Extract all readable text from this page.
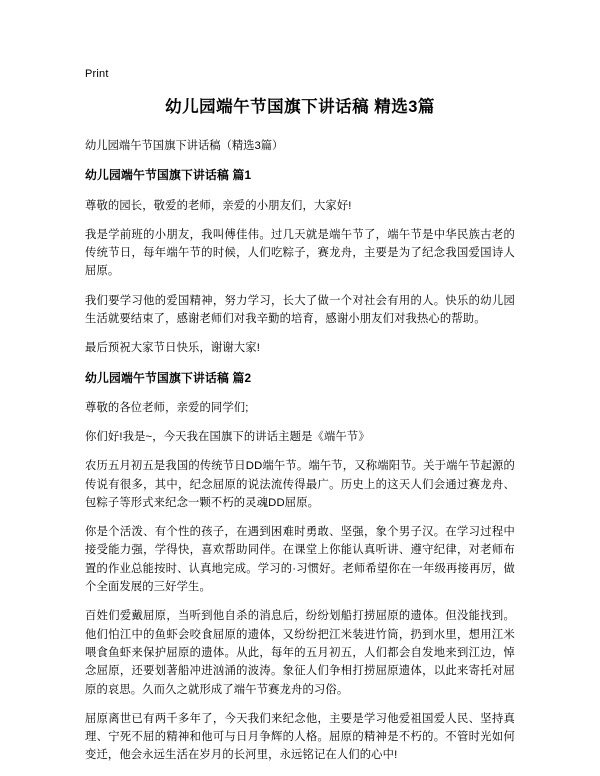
Print
幼儿园端午节国旗下讲话稿 精选3篇
幼儿园端午节国旗下讲话稿（精选3篇）
幼儿园端午节国旗下讲话稿 篇1

尊敬的园长，敬爱的老师，亲爱的小朋友们，大家好!

我是学前班的小朋友，我叫傅佳伟。过几天就是端午节了，端午节是中华民族古老的传统节日，每年端午节的时候，人们吃粽子，赛龙舟，主要是为了纪念我国爱国诗人屈原。

我们要学习他的爱国精神，努力学习，长大了做一个对社会有用的人。快乐的幼儿园生活就要结束了，感谢老师们对我辛勤的培育，感谢小朋友们对我热心的帮助。

最后预祝大家节日快乐，谢谢大家!

幼儿园端午节国旗下讲话稿 篇2

尊敬的各位老师，亲爱的同学们;

你们好!我是~，今天我在国旗下的讲话主题是《端午节》

农历五月初五是我国的传统节日DD端午节。端午节，又称端阳节。关于端午节起源的传说有很多，其中，纪念屈原的说法流传得最广。历史上的这天人们会通过赛龙舟、包粽子等形式来纪念一颗不朽的灵魂DD屈原。

你是个活泼、有个性的孩子，在遇到困难时勇敢、坚强，象个男子汉。在学习过程中接受能力强，学得快，喜欢帮助同伴。在课堂上你能认真听讲、遵守纪律，对老师布置的作业总能按时、认真地完成。学习的·习惯好。老师希望你在一年级再接再厉，做个全面发展的三好学生。

百姓们爱戴屈原，当听到他自杀的消息后，纷纷划船打捞屈原的遗体。但没能找到。他们怕江中的鱼虾会咬食屈原的遗体，又纷纷把江米装进竹筒，扔到水里，想用江米喂食鱼虾来保护屈原的遗体。从此，每年的五月初五，人们都会自发地来到江边，悼念屈原，还要划著船冲进汹涌的波涛。象征人们争相打捞屈原遗体，以此来寄托对屈原的哀思。久而久之就形成了端午节赛龙舟的习俗。

屈原离世已有两千多年了，今天我们来纪念他，主要是学习他爱祖国爱人民、坚持真理、宁死不屈的精神和他可与日月争辉的人格。屈原的精神是不朽的。不管时光如何变迁，他会永远生活在岁月的长河里，永远铭记在人们的心中!
